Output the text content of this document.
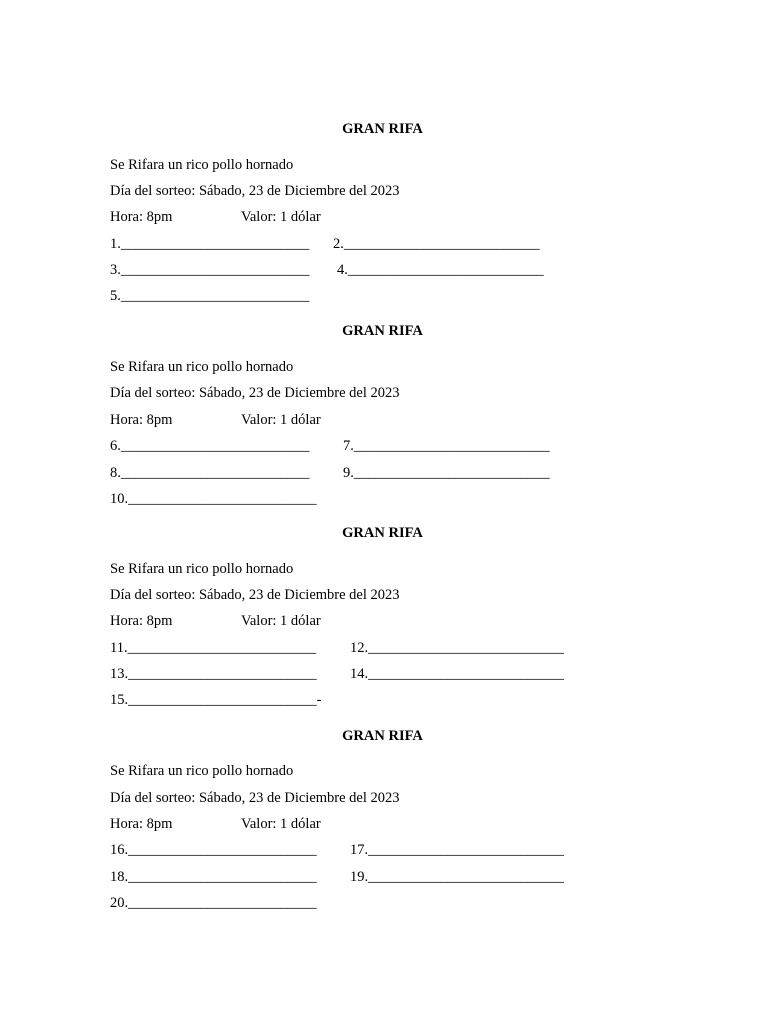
GRAN RIFA
Se Rifara un rico pollo hornado
Día del sorteo: Sábado, 23 de Diciembre del 2023
Hora: 8pm	Valor: 1 dólar
1.__________________________ 2.___________________________
3.__________________________ 4.___________________________
5.__________________________
GRAN RIFA
Se Rifara un rico pollo hornado
Día del sorteo: Sábado, 23 de Diciembre del 2023
Hora: 8pm	Valor: 1 dólar
6.__________________________ 7.___________________________
8.__________________________ 9.___________________________
10.__________________________
GRAN RIFA
Se Rifara un rico pollo hornado
Día del sorteo: Sábado, 23 de Diciembre del 2023
Hora: 8pm	Valor: 1 dólar
11.__________________________ 12.___________________________
13.__________________________ 14.___________________________
15.__________________________-
GRAN RIFA
Se Rifara un rico pollo hornado
Día del sorteo: Sábado, 23 de Diciembre del 2023
Hora: 8pm	Valor: 1 dólar
16.__________________________ 17.___________________________
18.__________________________ 19.___________________________
20.__________________________
